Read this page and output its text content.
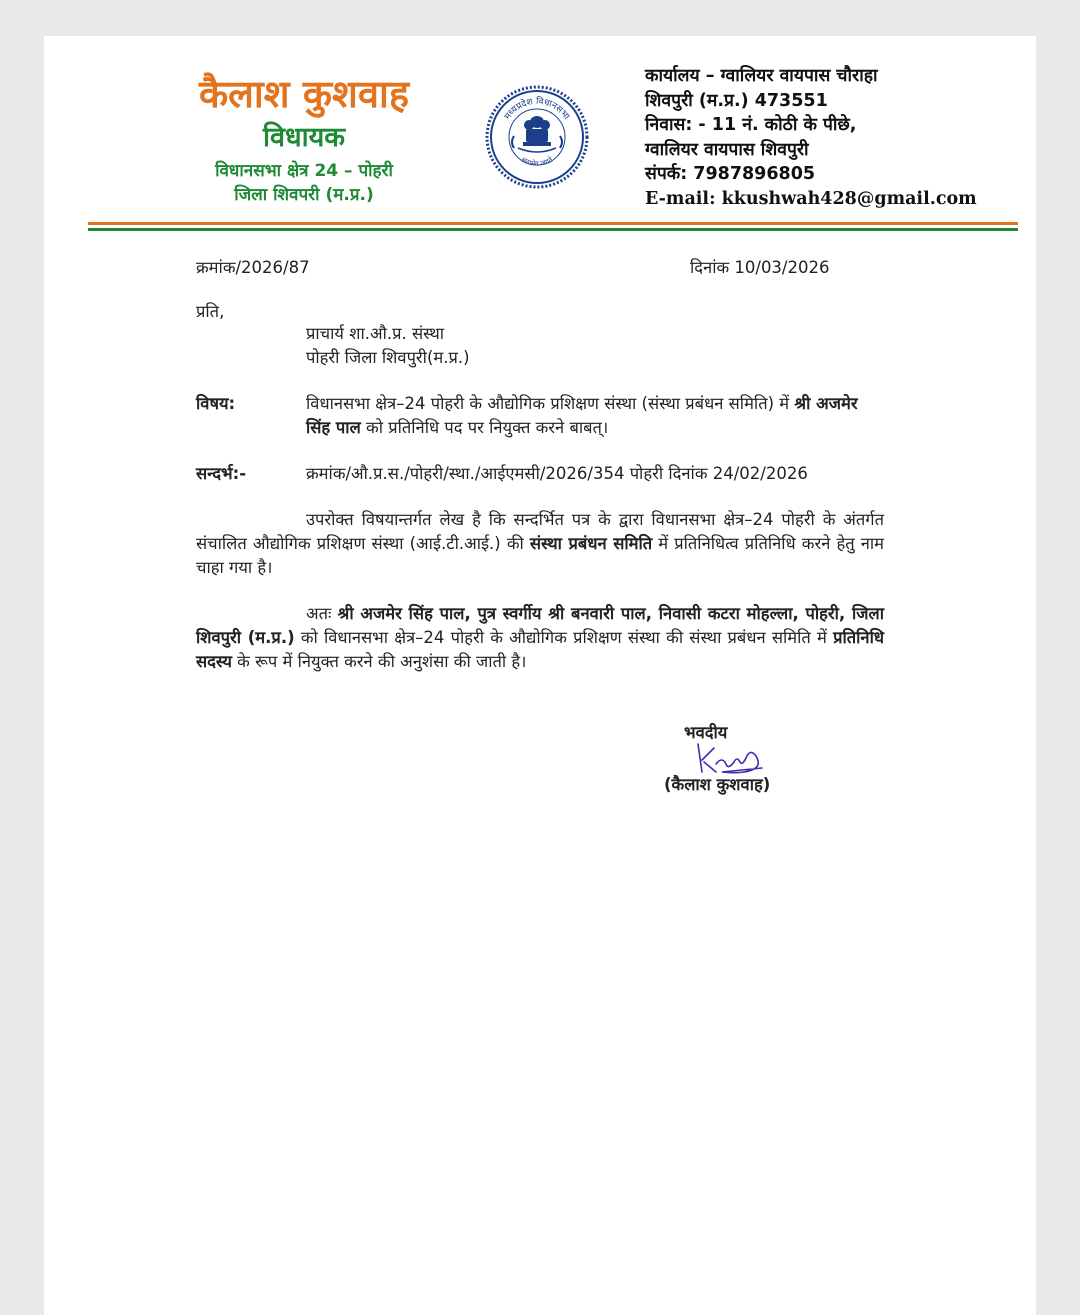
कैलाश कुशवाह
विधायक
विधानसभा क्षेत्र 24 – पोहरी
जिला शिवपरी (म.प्र.)
मध्यप्रदेश विधानसभा
सत्यमेव जयते
कार्यालय – ग्वालियर वायपास चौराहा
शिवपुरी (म.प्र.) 473551
निवास: - 11 नं. कोठी के पीछे,
ग्वालियर वायपास शिवपुरी
संपर्क: 7987896805
E-mail: kkushwah428@gmail.com
क्रमांक/2026/87	दिनांक 10/03/2026
प्रति,
प्राचार्य शा.औ.प्र. संस्था
पोहरी जिला शिवपुरी(म.प्र.)
विषय:	विधानसभा क्षेत्र–24 पोहरी के औद्योगिक प्रशिक्षण संस्था (संस्था प्रबंधन समिति) में श्री अजमेर सिंह पाल को प्रतिनिधि पद पर नियुक्त करने बाबत्।
सन्दर्भ:-	क्रमांक/औ.प्र.स./पोहरी/स्था./आईएमसी/2026/354 पोहरी दिनांक 24/02/2026
उपरोक्त विषयान्तर्गत लेख है कि सन्दर्भित पत्र के द्वारा विधानसभा क्षेत्र–24 पोहरी के अंतर्गत संचालित औद्योगिक प्रशिक्षण संस्था (आई.टी.आई.) की संस्था प्रबंधन समिति में प्रतिनिधित्व प्रतिनिधि करने हेतु नाम चाहा गया है।
अतः श्री अजमेर सिंह पाल, पुत्र स्वर्गीय श्री बनवारी पाल, निवासी कटरा मोहल्ला, पोहरी, जिला शिवपुरी (म.प्र.) को विधानसभा क्षेत्र–24 पोहरी के औद्योगिक प्रशिक्षण संस्था की संस्था प्रबंधन समिति में प्रतिनिधि सदस्य के रूप में नियुक्त करने की अनुशंसा की जाती है।
भवदीय
(कैलाश कुशवाह)
